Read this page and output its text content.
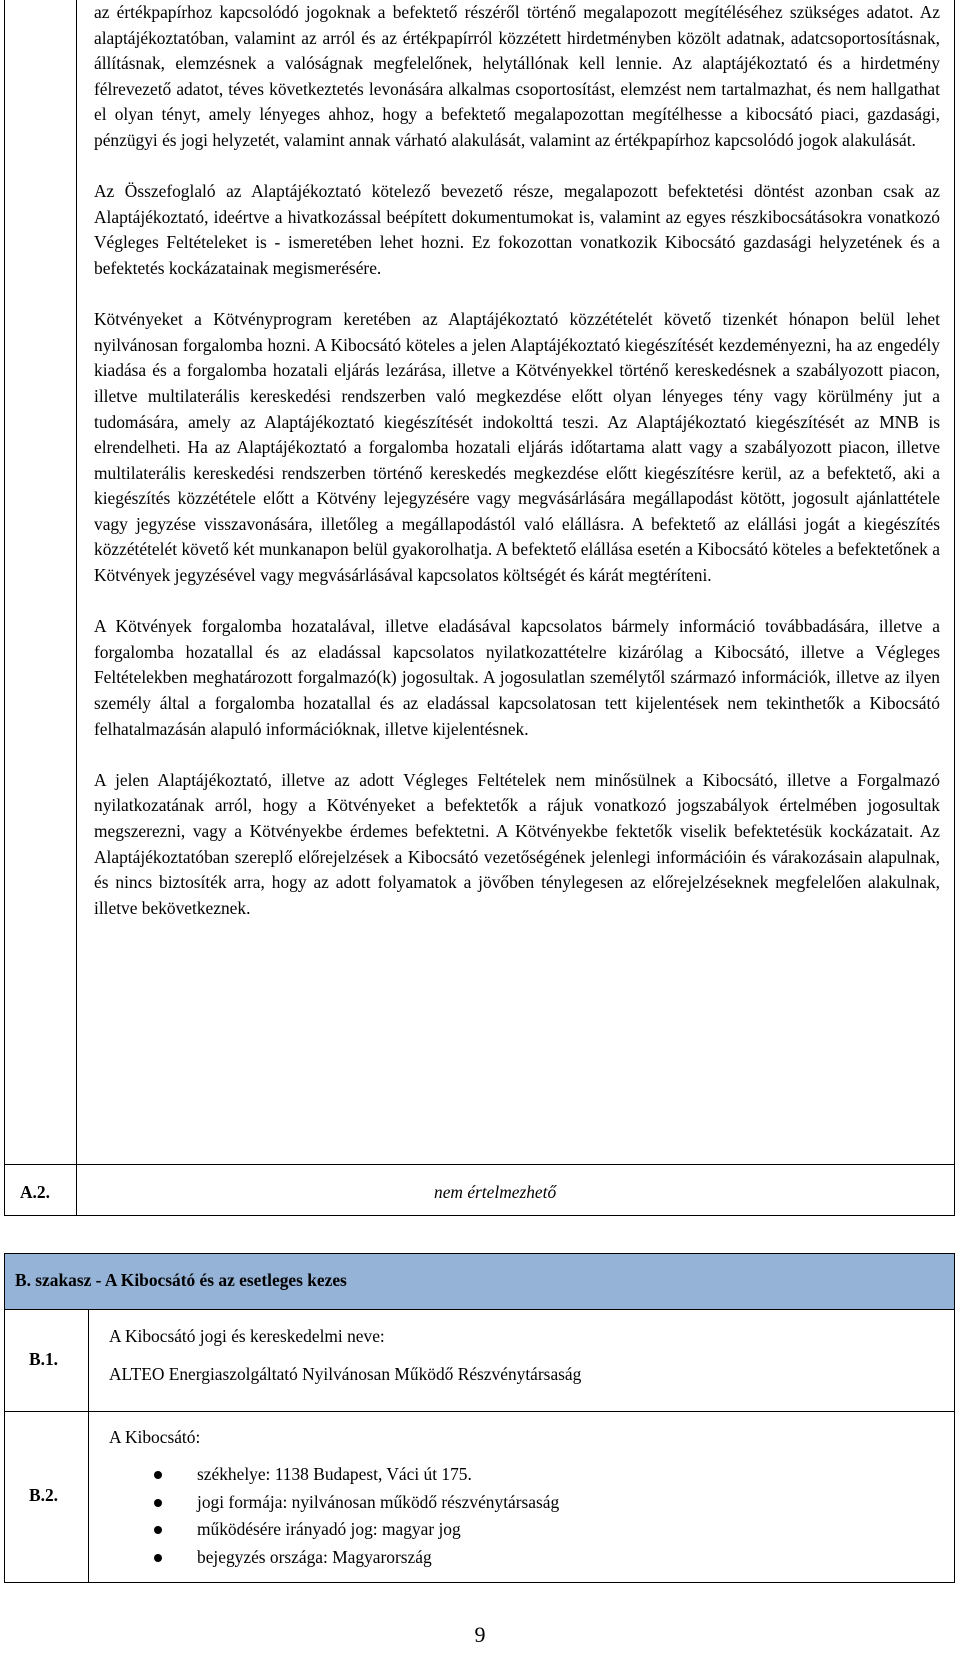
az értékpapírhoz kapcsolódó jogoknak a befektető részéről történő megalapozott megítéléséhez szükséges adatot. Az alaptájékoztatóban, valamint az arról és az értékpapírról közzétett hirdetményben közölt adatnak, adatcsoportosításnak, állításnak, elemzésnek a valóságnak megfelelőnek, helytállónak kell lennie. Az alaptájékoztató és a hirdetmény félrevezető adatot, téves következtetés levonására alkalmas csoportosítást, elemzést nem tartalmazhat, és nem hallgathat el olyan tényt, amely lényeges ahhoz, hogy a befektető megalapozottan megítélhesse a kibocsátó piaci, gazdasági, pénzügyi és jogi helyzetét, valamint annak várható alakulását, valamint az értékpapírhoz kapcsolódó jogok alakulását.

Az Összefoglaló az Alaptájékoztató kötelező bevezető része, megalapozott befektetési döntést azonban csak az Alaptájékoztató, ideértve a hivatkozással beépített dokumentumokat is, valamint az egyes részkibocsátásokra vonatkozó Végleges Feltételeket is - ismeretében lehet hozni. Ez fokozottan vonatkozik Kibocsátó gazdasági helyzetének és a befektetés kockázatainak megismerésére.

Kötvényeket a Kötvényprogram keretében az Alaptájékoztató közzétételét követő tizenkét hónapon belül lehet nyilvánosan forgalomba hozni. A Kibocsátó köteles a jelen Alaptájékoztató kiegészítését kezdeményezni, ha az engedély kiadása és a forgalomba hozatali eljárás lezárása, illetve a Kötvényekkel történő kereskedésnek a szabályozott piacon, illetve multilaterális kereskedési rendszerben való megkezdése előtt olyan lényeges tény vagy körülmény jut a tudomására, amely az Alaptájékoztató kiegészítését indokolttá teszi. Az Alaptájékoztató kiegészítését az MNB is elrendelheti. Ha az Alaptájékoztató a forgalomba hozatali eljárás időtartama alatt vagy a szabályozott piacon, illetve multilaterális kereskedési rendszerben történő kereskedés megkezdése előtt kiegészítésre kerül, az a befektető, aki a kiegészítés közzététele előtt a Kötvény lejegyzésére vagy megvásárlására megállapodást kötött, jogosult ajánlattétele vagy jegyzése visszavonására, illetőleg a megállapodástól való elállásra. A befektető az elállási jogát a kiegészítés közzétételét követő két munkanapon belül gyakorolhatja. A befektető elállása esetén a Kibocsátó köteles a befektetőnek a Kötvények jegyzésével vagy megvásárlásával kapcsolatos költségét és kárát megtéríteni.

A Kötvények forgalomba hozatalával, illetve eladásával kapcsolatos bármely információ továbbadására, illetve a forgalomba hozatallal és az eladással kapcsolatos nyilatkozattételre kizárólag a Kibocsátó, illetve a Végleges Feltételekben meghatározott forgalmazó(k) jogosultak. A jogosulatlan személytől származó információk, illetve az ilyen személy által a forgalomba hozatallal és az eladással kapcsolatosan tett kijelentések nem tekinthetők a Kibocsátó felhatalmazásán alapuló információknak, illetve kijelentésnek.

A jelen Alaptájékoztató, illetve az adott Végleges Feltételek nem minősülnek a Kibocsátó, illetve a Forgalmazó nyilatkozatának arról, hogy a Kötvényeket a befektetők a rájuk vonatkozó jogszabályok értelmében jogosultak megszerezni, vagy a Kötvényekbe érdemes befektetni. A Kötvényekbe fektetők viselik befektetésük kockázatait. Az Alaptájékoztatóban szereplő előrejelzések a Kibocsátó vezetőségének jelenlegi információin és várakozásain alapulnak, és nincs biztosíték arra, hogy az adott folyamatok a jövőben ténylegesen az előrejelzéseknek megfelelően alakulnak, illetve bekövetkeznek.

A.2.	nem értelmezhető
B. szakasz - A Kibocsátó és az esetleges kezes
B.1.
A Kibocsátó jogi és kereskedelmi neve:
ALTEO Energiaszolgáltató Nyilvánosan Működő Részvénytársaság
B.2.
A Kibocsátó:
székhelye: 1138 Budapest, Váci út 175.
jogi formája: nyilvánosan működő részvénytársaság
működésére irányadó jog: magyar jog
bejegyzés országa: Magyarország
9
